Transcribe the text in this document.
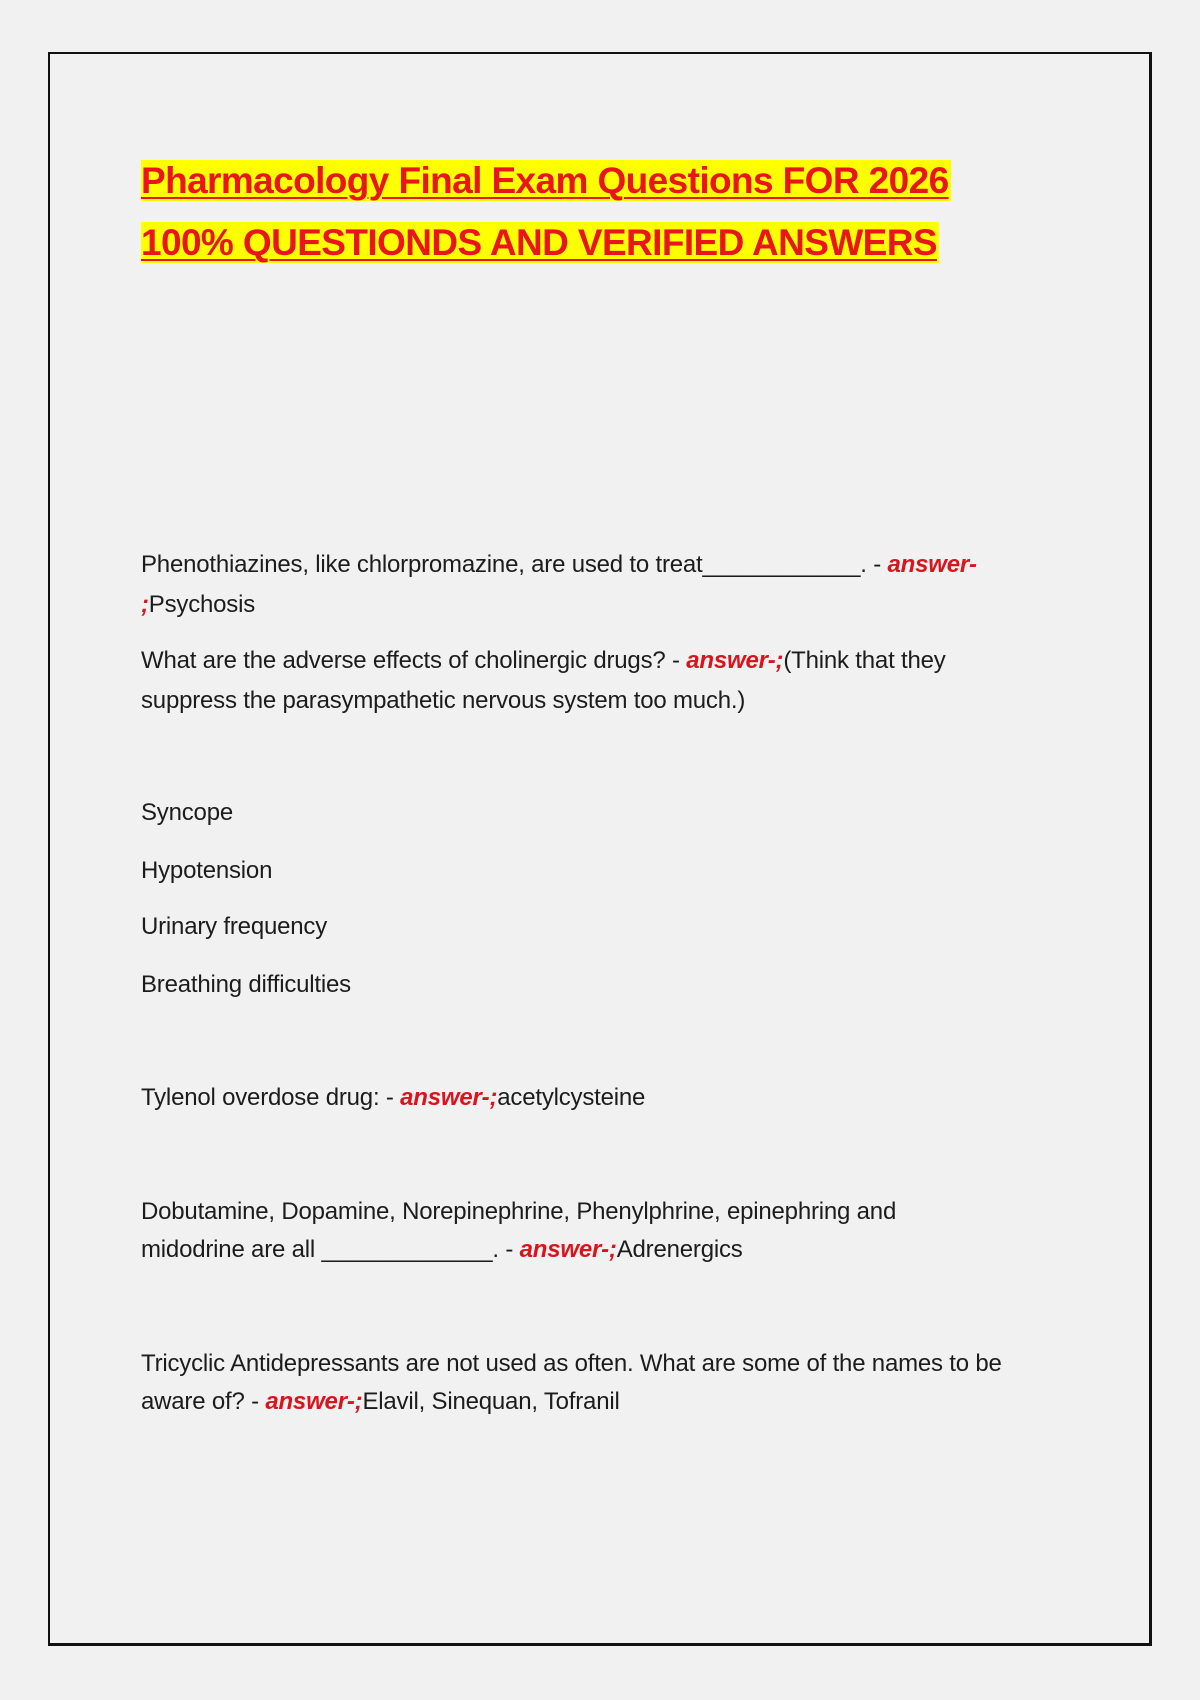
Pharmacology Final Exam Questions FOR 2026
100% QUESTIONDS AND VERIFIED ANSWERS
Phenothiazines, like chlorpromazine, are used to treat____________. - answer-
;Psychosis
What are the adverse effects of cholinergic drugs? - answer-;(Think that they suppress the parasympathetic nervous system too much.)
Syncope
Hypotension
Urinary frequency
Breathing difficulties
Tylenol overdose drug: - answer-;acetylcysteine
Dobutamine, Dopamine, Norepinephrine, Phenylphrine, epinephring and midodrine are all _____________. - answer-;Adrenergics
Tricyclic Antidepressants are not used as often. What are some of the names to be aware of? - answer-;Elavil, Sinequan, Tofranil
